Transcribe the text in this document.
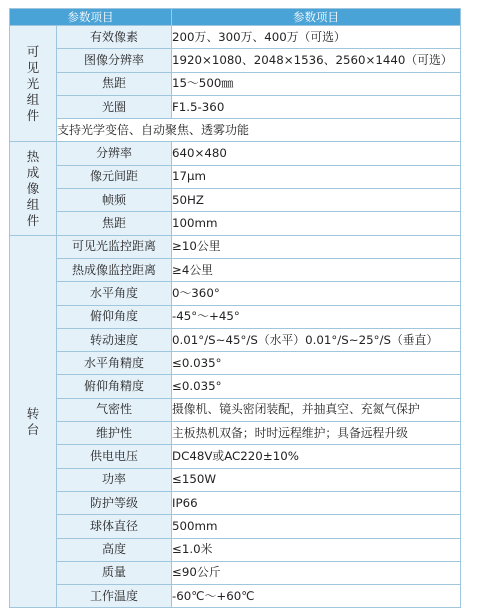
参数项目		参数项目
可见光组件	有效像素	200万、300万、400万（可选）
	图像分辨率	1920×1080、2048×1536、2560×1440（可选）
	焦距	15～500㎜
	光圈	F1.5-360
	支持光学变倍、自动聚焦、透雾功能	
热成像组件	分辨率	640×480
	像元间距	17μm
	帧频	50HZ
	焦距	100mm
转台	可见光监控距离	≥10公里
	热成像监控距离	≥4公里
	水平角度	0～360°
	俯仰角度	-45°～+45°
	转动速度	0.01°/S~45°/S（水平）0.01°/S~25°/S（垂直）
	水平角精度	≤0.035°
	俯仰角精度	≤0.035°
	气密性	摄像机、镜头密闭装配，并抽真空、充氮气保护
	维护性	主板热机双备；时时远程维护；具备远程升级
	供电电压	DC48V或AC220±10%
	功率	≤150W
	防护等级	IP66
	球体直径	500mm
	高度	≤1.0米
	质量	≤90公斤
	工作温度	-60℃～+60℃
